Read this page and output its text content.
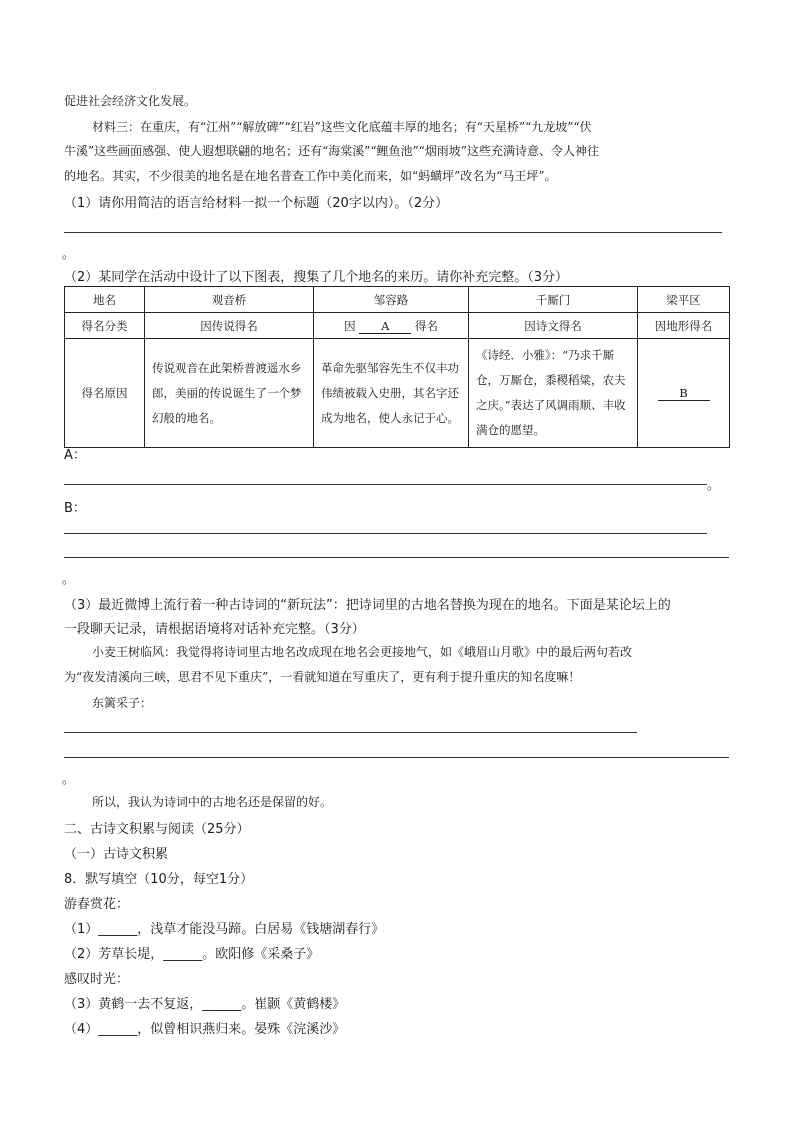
促进社会经济文化发展。
材料三：在重庆，有“江州”“解放碑”“红岩”这些文化底蕴丰厚的地名；有“天星桥”“九龙坡”“伏
牛溪”这些画面感强、使人遐想联翩的地名；还有“海棠溪”“鲤鱼池”“烟雨坡”这些充满诗意、令人神往
的地名。其实，不少很美的地名是在地名普查工作中美化而来，如“蚂蟥坪”改名为“马王坪”。
（1）请你用简洁的语言给材料一拟一个标题（20字以内）。（2分）
。
（2）某同学在活动中设计了以下图表，搜集了几个地名的来历。请你补充完整。（3分）
地名	观音桥	邹容路	千厮门	梁平区
得名分类	因传说得名	因 A 得名	因诗文得名	因地形得名
得名原因	传说观音在此架桥普渡遥水乡郎，美丽的传说诞生了一个梦幻般的地名。	革命先驱邹容先生不仅丰功伟绩被载入史册，其名字还成为地名，使人永记于心。	《诗经．小雅》：“乃求千厮仓，万厮仓，黍稷稻粱，农夫之庆。”表达了风调雨顺、丰收满仓的愿望。	B
A：
。
B：
。
（3）最近微博上流行着一种古诗词的“新玩法”：把诗词里的古地名替换为现在的地名。下面是某论坛上的
一段聊天记录，请根据语境将对话补充完整。（3分）
小麦王树临风：我觉得将诗词里古地名改成现在地名会更接地气，如《峨眉山月歌》中的最后两句若改
为“夜发清溪向三峡，思君不见下重庆”，一看就知道在写重庆了，更有利于提升重庆的知名度嘛！
东篱采子：
。
所以，我认为诗词中的古地名还是保留的好。
二、古诗文积累与阅读（25分）
（一）古诗文积累
8．默写填空（10分，每空1分）
游春赏花：
（1）______，浅草才能没马蹄。白居易《钱塘湖春行》
（2）芳草长堤，______。欧阳修《采桑子》
感叹时光：
（3）黄鹤一去不复返，______。崔颢《黄鹤楼》
（4）______，似曾相识燕归来。晏殊《浣溪沙》
